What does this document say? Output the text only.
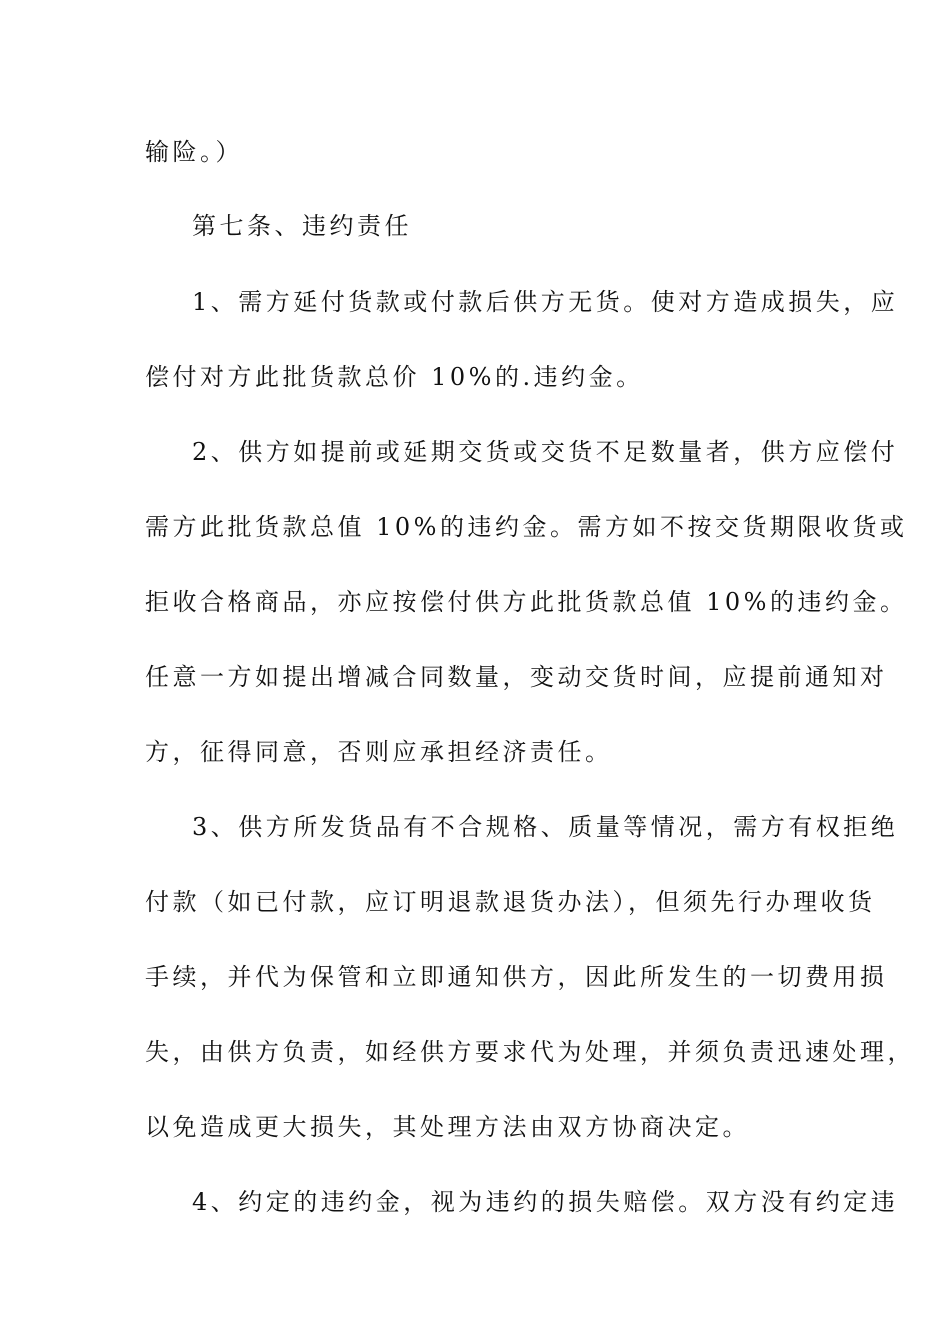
输险。）

第七条、违约责任

1、需方延付货款或付款后供方无货。使对方造成损失，应

偿付对方此批货款总价 10%的.违约金。

2、供方如提前或延期交货或交货不足数量者，供方应偿付

需方此批货款总值 10%的违约金。需方如不按交货期限收货或

拒收合格商品，亦应按偿付供方此批货款总值 10%的违约金。

任意一方如提出增减合同数量，变动交货时间，应提前通知对

方，征得同意，否则应承担经济责任。

3、供方所发货品有不合规格、质量等情况，需方有权拒绝

付款（如已付款，应订明退款退货办法），但须先行办理收货

手续，并代为保管和立即通知供方，因此所发生的一切费用损

失，由供方负责，如经供方要求代为处理，并须负责迅速处理，

以免造成更大损失，其处理方法由双方协商决定。

4、约定的违约金，视为违约的损失赔偿。双方没有约定违
